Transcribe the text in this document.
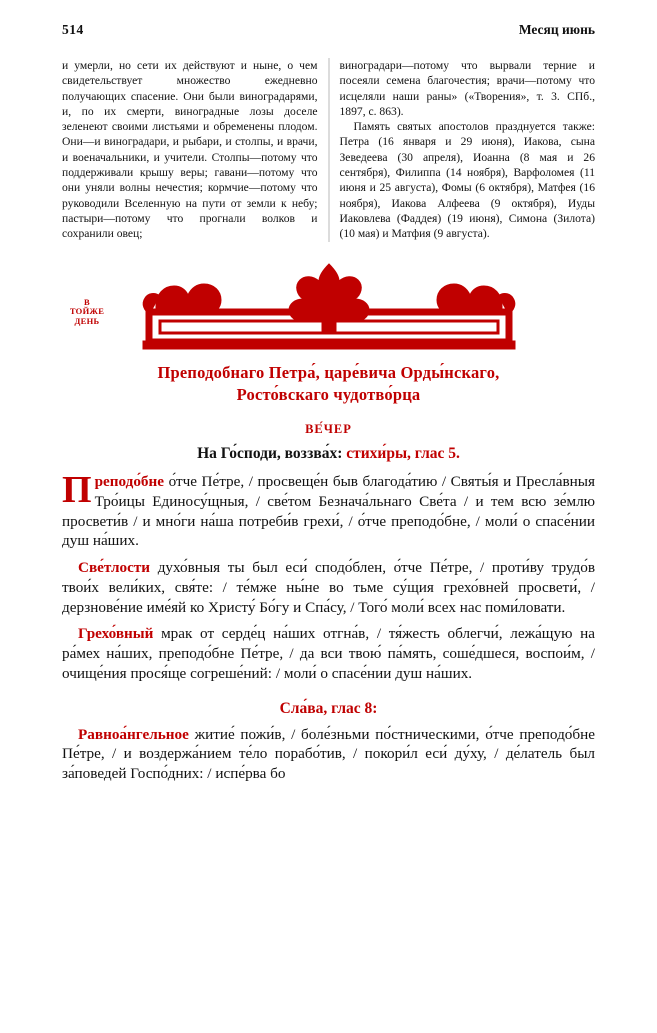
514	Месяц июнь

и умерли, но сети их действуют и ныне, о чем свидетельствует множество ежедневно получающих спасение. Они были виноградарями, и, по их смерти, виноградные лозы доселе зеленеют своими листьями и обременены плодом. Они—и виноградари, и рыбари, и столпы, и врачи, и военачальники, и учители. Столпы—потому что поддерживали крышу веры; гавани—потому что они уняли волны нечестия; кормчие—потому что руководили Вселенную на пути от земли к небу; пастыри—потому что прогнали волков и сохранили овец;

виноградари—потому что вырвали терние и посеяли семена благочестия; врачи—потому что исцеляли наши раны» («Творения», т. 3. СПб., 1897, с. 863).

Память святых апостолов празднуется также: Петра (16 января и 29 июня), Иакова, сына Зеведеева (30 апреля), Иоанна (8 мая и 26 сентября), Филиппа (14 ноября), Варфоломея (11 июня и 25 августа), Фомы (6 октября), Матфея (16 ноября), Иакова Алфеева (9 октября), Иуды Иаковлева (Фаддея) (19 июня), Симона (Зилота) (10 мая) и Матфия (9 августа).

В
ТОЙЖЕ
ДЕНЬ
Преподобнаго Петра́, царе́вича Орды́нскаго,
Росто́вскаго чудотво́рца
ВЕ́ЧЕР
На Го́споди, воззва́х: стихи́ры, глас 5.
Преподо́бне о́тче Пе́тре, / просвеще́н быв благода́тию / Святы́я и Пресла́вныя Тро́ицы Единосу́щныя, / све́том Безнача́льнаго Све́та / и тем всю зе́млю просвети́в / и мно́ги на́ша потреби́в грехи́, / о́тче преподо́бне, / моли́ о спасе́нии душ на́ших.
Све́тлости духо́вныя ты был еси́ сподо́блен, о́тче Пе́тре, / проти́ву трудо́в твои́х вели́ких, свя́те: / те́мже ны́не во тьме су́щия грехо́вней просвети́, / дерзнове́ние име́яй ко Христу́ Бо́гу и Спа́су, / Того́ моли́ всех нас поми́ловати.
Грехо́вный мрак от серде́ц на́ших отгна́в, / тя́жесть облегчи́, лежа́щую на ра́мех на́ших, преподо́бне Пе́тре, / да вси твою́ па́мять, соше́дшеся, воспои́м, / очище́ния прося́ще согреше́ний: / моли́ о спасе́нии душ на́ших.
Сла́ва, глас 8:
Равноа́нгельное житие́ пожи́в, / боле́зньми по́стническими, о́тче преподо́бне Пе́тре, / и воздержа́нием те́ло порабо́тив, / покори́л еси́ ду́ху, / де́латель был за́поведей Госпо́дних: / испе́рва бо
